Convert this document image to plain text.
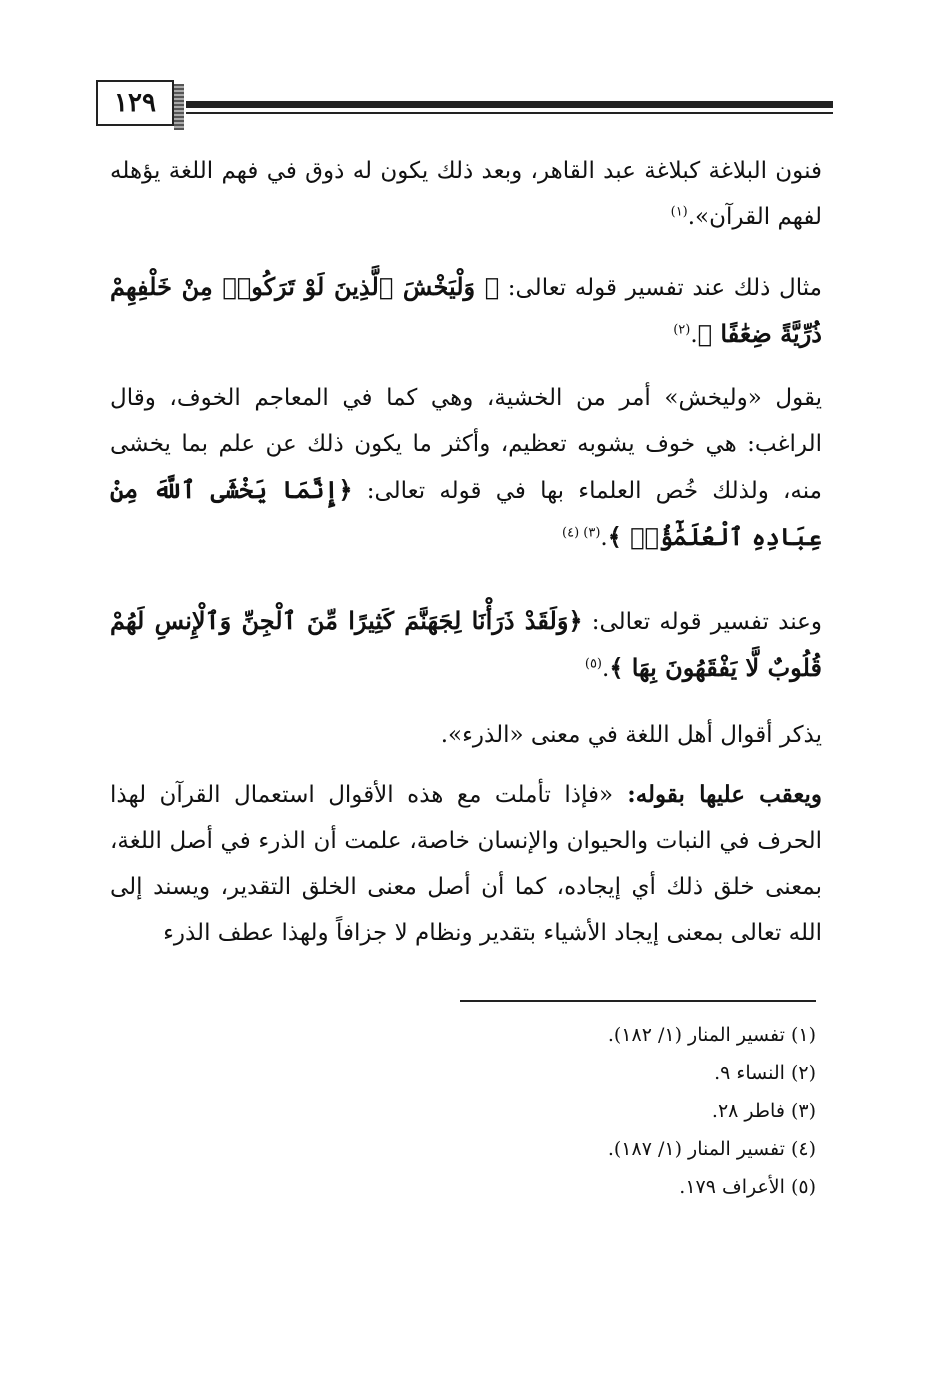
١٢٩

فنون البلاغة كبلاغة عبد القاهر، وبعد ذلك يكون له ذوق في فهم اللغة يؤهله لفهم القرآن».$^{(١)}$

مثال ذلك عند تفسير قوله تعالى: ﴿ وَلْيَخْشَ ٱلَّذِينَ لَوْ تَرَكُوا۟ مِنْ خَلْفِهِمْ ذُرِّيَّةً ضِعَٰفًا ﴾.$^{(٢)}$

يقول «وليخش» أمر من الخشية، وهي كما في المعاجم الخوف، وقال الراغب: هي خوف يشوبه تعظيم، وأكثر ما يكون ذلك عن علم بما يخشى منه، ولذلك خُص العلماء بها في قوله تعالى: ﴿إِنَّمَا يَخْشَى ٱللَّهَ مِنْ عِبَادِهِ ٱلْعُلَمَٰٓؤُا۟ ﴾.$^{(٣) (٤)}$

وعند تفسير قوله تعالى: ﴿وَلَقَدْ ذَرَأْنَا لِجَهَنَّمَ كَثِيرًا مِّنَ ٱلْجِنِّ وَٱلْإِنسِ لَهُمْ قُلُوبٌ لَّا يَفْقَهُونَ بِهَا ﴾.$^{(٥)}$

يذكر أقوال أهل اللغة في معنى «الذرء».

ويعقب عليها بقوله: «فإذا تأملت مع هذه الأقوال استعمال القرآن لهذا الحرف في النبات والحيوان والإنسان خاصة، علمت أن الذرء في أصل اللغة، بمعنى خلق ذلك أي إيجاده، كما أن أصل معنى الخلق التقدير، ويسند إلى الله تعالى بمعنى إيجاد الأشياء بتقدير ونظام لا جزافاً ولهذا عطف الذرء

(١) تفسير المنار (١/ ١٨٢).
(٢) النساء ٩.
(٣) فاطر ٢٨.
(٤) تفسير المنار (١/ ١٨٧).
(٥) الأعراف ١٧٩.
